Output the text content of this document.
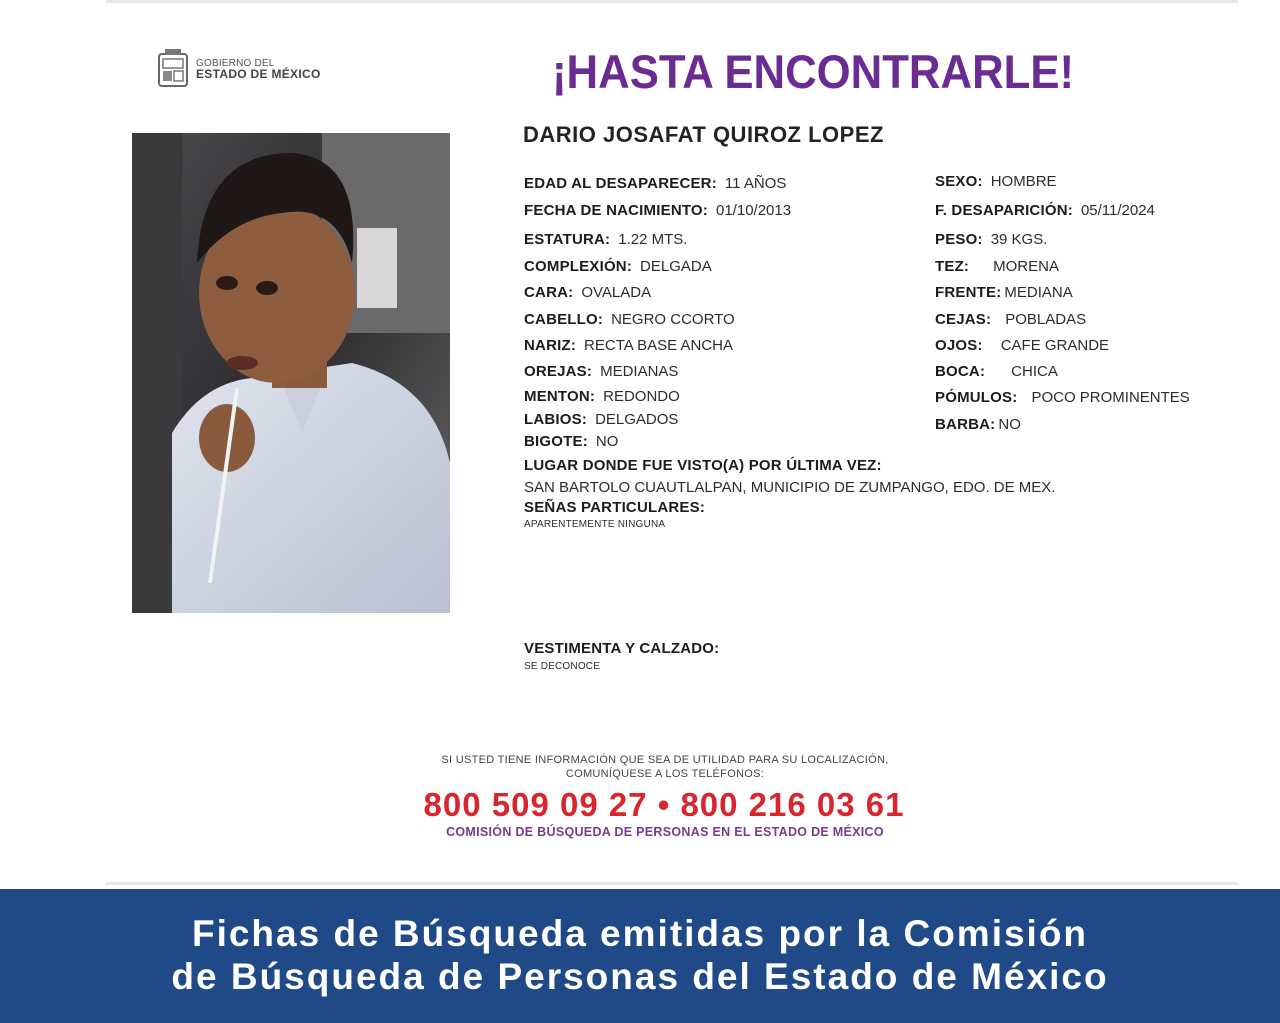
GOBIERNO DEL
ESTADO DE MÉXICO	¡HASTA ENCONTRARLE!
DARIO JOSAFAT QUIROZ LOPEZ
EDAD AL DESAPARECER: 11 AÑOS
FECHA DE NACIMIENTO: 01/10/2013
ESTATURA: 1.22 MTS.
COMPLEXIÓN: DELGADA
CARA: OVALADA
CABELLO: NEGRO CCORTO
NARIZ: RECTA BASE ANCHA
OREJAS: MEDIANAS
MENTON: REDONDO
LABIOS: DELGADOS
BIGOTE: NO
SEXO: HOMBRE
F. DESAPARICIÓN: 05/11/2024
PESO: 39 KGS.
TEZ: MORENA
FRENTE: MEDIANA
CEJAS: POBLADAS
OJOS: CAFE GRANDE
BOCA: CHICA
PÓMULOS: POCO PROMINENTES
BARBA: NO
LUGAR DONDE FUE VISTO(A) POR ÚLTIMA VEZ:
SAN BARTOLO CUAUTLALPAN, MUNICIPIO DE ZUMPANGO, EDO. DE MEX.
SEÑAS PARTICULARES:
APARENTEMENTE NINGUNA
VESTIMENTA Y CALZADO:
SE DECONOCE
SI USTED TIENE INFORMACIÓN QUE SEA DE UTILIDAD PARA SU LOCALIZACIÓN,
COMUNÍQUESE A LOS TELÉFONOS:
800 509 09 27 • 800 216 03 61
COMISIÓN DE BÚSQUEDA DE PERSONAS EN EL ESTADO DE MÉXICO
Fichas de Búsqueda emitidas por la Comisión
de Búsqueda de Personas del Estado de México
